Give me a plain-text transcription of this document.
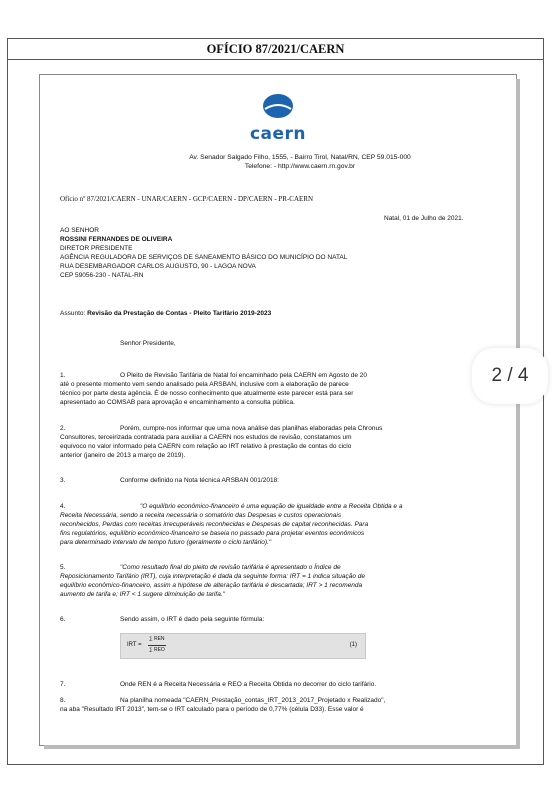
OFÍCIO 87/2021/CAERN
caern
Av. Senador Salgado Filho, 1555, - Bairro Tirol, Natal/RN, CEP 59.015-000
Telefone: - http://www.caern.rn.gov.br
Ofício nº 87/2021/CAERN - UNAR/CAERN - GCP/CAERN - DP/CAERN - PR-CAERN
Natal, 01 de Julho de 2021.
AO SENHOR
ROSSINI FERNANDES DE OLIVEIRA
DIRETOR PRESIDENTE
AGÊNCIA REGULADORA DE SERVIÇOS DE SANEAMENTO BÁSICO DO MUNICÍPIO DO NATAL
RUA DESEMBARGADOR CARLOS AUGUSTO, 90 - LAGOA NOVA
CEP 59056-230 - NATAL-RN
Assunto: Revisão da Prestação de Contas - Pleito Tarifário 2019-2023
Senhor Presidente,
1.	O Pleito de Revisão Tarifária de Natal foi encaminhado pela CAERN em Agosto de 20
até o presente momento vem sendo analisado pela ARSBAN, inclusive com a elaboração de parece
técnico por parte desta agência. É de nosso conhecimento que atualmente este parecer está para ser
apresentado ao COMSAB para aprovação e encaminhamento a consulta pública.
2.	Porém, cumpre-nos informar que uma nova análise das planilhas elaboradas pela Chronus
Consultores, terceirizada contratada para auxiliar a CAERN nos estudos de revisão, constatamos um
equívoco no valor informado pela CAERN com relação ao IRT relativo à prestação de contas do ciclo
anterior (janeiro de 2013 a março de 2019).
3.	Conforme definido na Nota técnica ARSBAN 001/2018:
4.	"O equilíbrio econômico-financeiro é uma equação de igualdade entre a Receita Obtida e a
Receita Necessária, sendo a receita necessária o somatório das Despesas e custos operacionais
reconhecidos, Perdas com receitas irrecuperáveis reconhecidas e Despesas de capital reconhecidas. Para
fins regulatórios, equilíbrio econômico-financeiro se baseia no passado para projetar eventos econômicos
para determinado intervalo de tempo futuro (geralmente o ciclo tarifário)."
5.	"Como resultado final do pleito de revisão tarifária é apresentado o Índice de
Reposicionamento Tarifário (IRT), cuja interpretação é dada da seguinte forma: IRT = 1 indica situação de
equilíbrio econômico-financeiro, assim a hipótese de alteração tarifária é descartada; IRT > 1 recomenda
aumento de tarifa e; IRT < 1 sugere diminuição de tarifa."
6.	Sendo assim, o IRT é dado pela seguinte fórmula:
IRT =
∑ REN
∑ REO
(1)
7.	Onde REN é a Receita Necessária e REO a Receita Obtida no decorrer do ciclo tarifário.
8.	Na planilha nomeada "CAERN_Prestação_contas_IRT_2013_2017_Projetado x Realizado",
na aba "Resultado IRT 2013", tem-se o IRT calculado para o período de 0,77% (célula D33). Esse valor é
2 / 4
